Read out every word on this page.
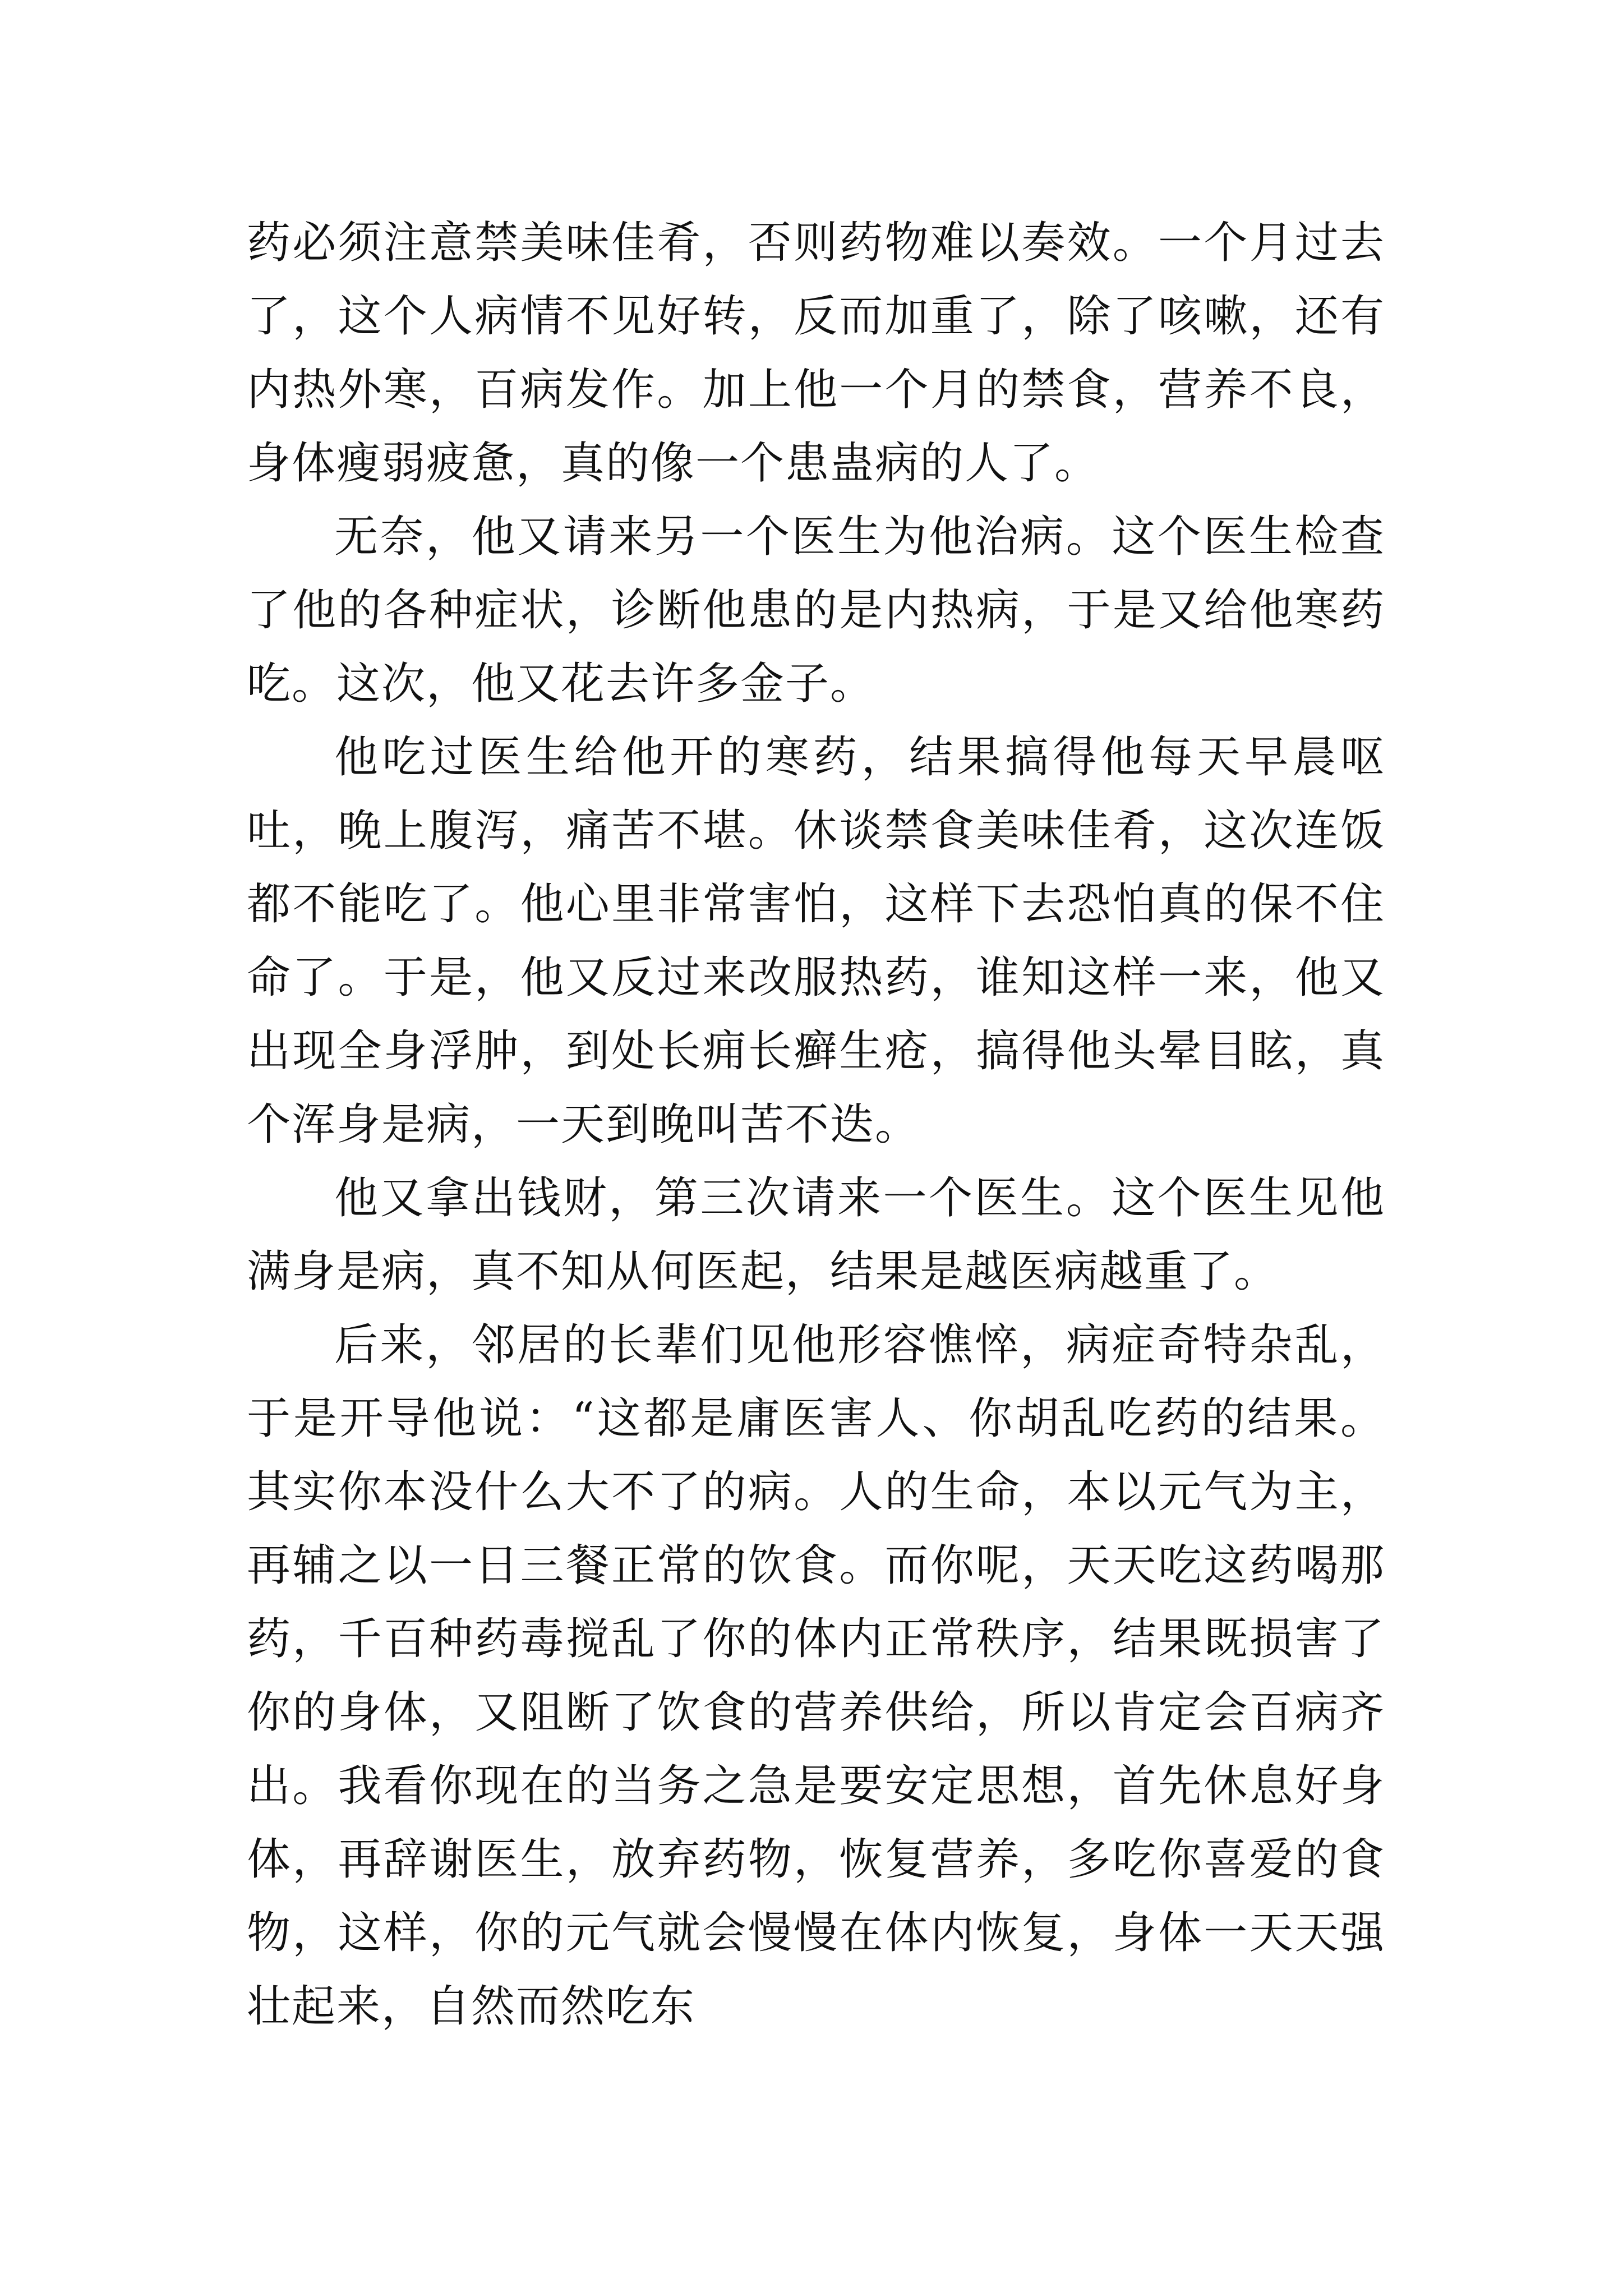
药必须注意禁美味佳肴，否则药物难以奏效。一个月过去了，这个人病情不见好转，反而加重了，除了咳嗽，还有内热外寒，百病发作。加上他一个月的禁食，营养不良，身体瘦弱疲惫，真的像一个患蛊病的人了。

无奈，他又请来另一个医生为他治病。这个医生检查了他的各种症状，诊断他患的是内热病，于是又给他寒药吃。这次，他又花去许多金子。

他吃过医生给他开的寒药，结果搞得他每天早晨呕吐，晚上腹泻，痛苦不堪。休谈禁食美味佳肴，这次连饭都不能吃了。他心里非常害怕，这样下去恐怕真的保不住命了。于是，他又反过来改服热药，谁知这样一来，他又出现全身浮肿，到处长痈长癣生疮，搞得他头晕目眩，真个浑身是病，一天到晚叫苦不迭。

他又拿出钱财，第三次请来一个医生。这个医生见他满身是病，真不知从何医起，结果是越医病越重了。

后来，邻居的长辈们见他形容憔悴，病症奇特杂乱，于是开导他说：“这都是庸医害人、你胡乱吃药的结果。其实你本没什么大不了的病。人的生命，本以元气为主，再辅之以一日三餐正常的饮食。而你呢，天天吃这药喝那药，千百种药毒搅乱了你的体内正常秩序，结果既损害了你的身体，又阻断了饮食的营养供给，所以肯定会百病齐出。我看你现在的当务之急是要安定思想，首先休息好身体，再辞谢医生，放弃药物，恢复营养，多吃你喜爱的食物，这样，你的元气就会慢慢在体内恢复，身体一天天强壮起来，自然而然吃东
